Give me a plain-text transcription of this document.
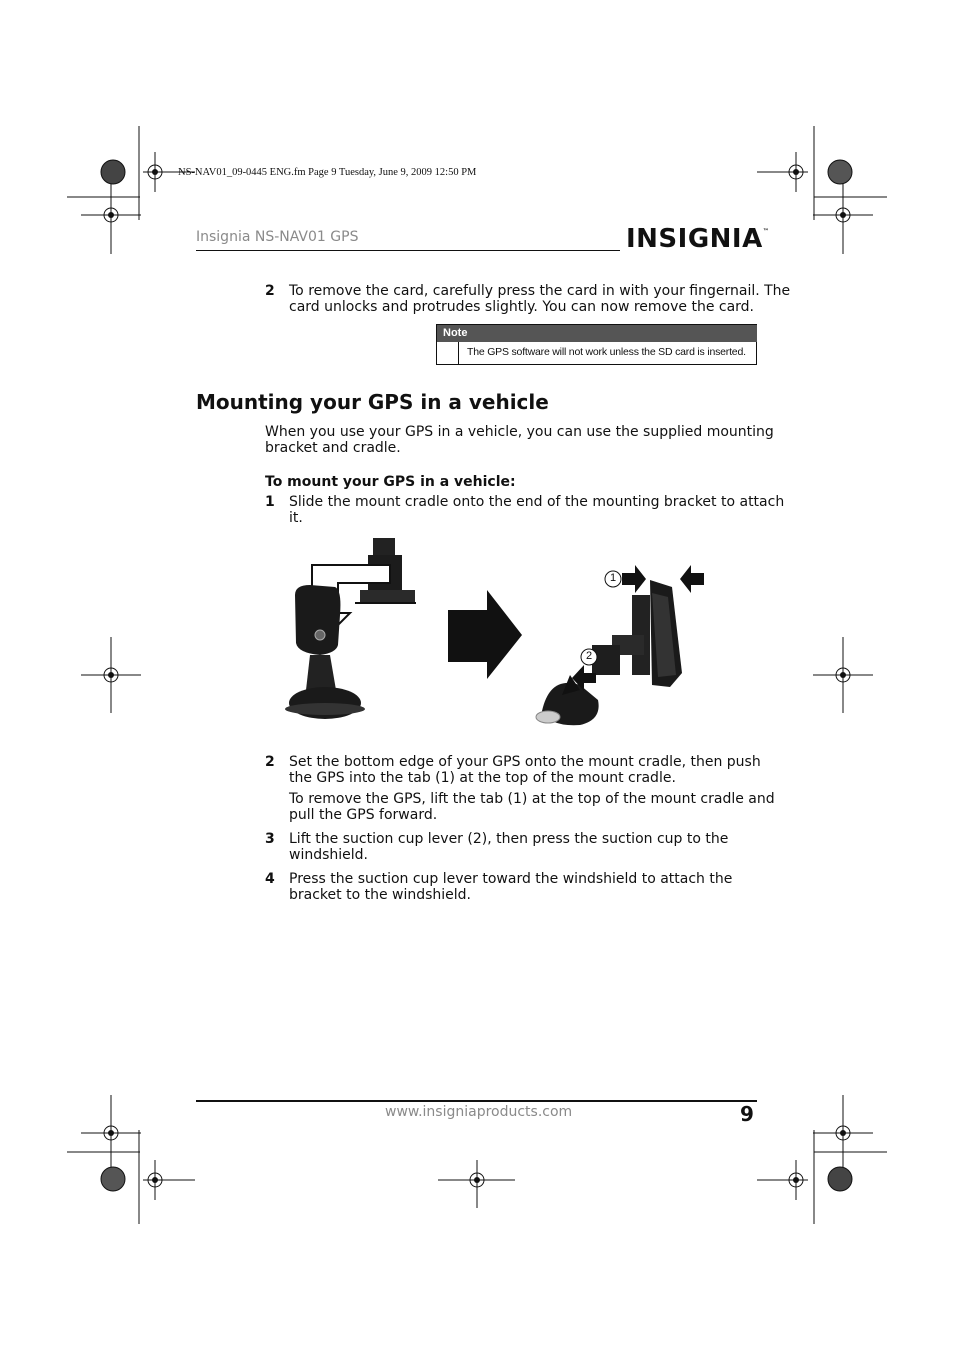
NS-NAV01_09-0445 ENG.fm Page 9 Tuesday, June 9, 2009 12:50 PM
Insignia NS-NAV01 GPS	INSIGNIA™
2 To remove the card, carefully press the card in with your fingernail. The
card unlocks and protrudes slightly. You can now remove the card.
Note
The GPS software will not work unless the SD card is inserted.
Mounting your GPS in a vehicle
When you use your GPS in a vehicle, you can use the supplied mounting
bracket and cradle.
To mount your GPS in a vehicle:
1 Slide the mount cradle onto the end of the mounting bracket to attach
it.
1
2
2 Set the bottom edge of your GPS onto the mount cradle, then push
the GPS into the tab (1) at the top of the mount cradle.
To remove the GPS, lift the tab (1) at the top of the mount cradle and
pull the GPS forward.
3 Lift the suction cup lever (2), then press the suction cup to the
windshield.
4 Press the suction cup lever toward the windshield to attach the
bracket to the windshield.
www.insigniaproducts.com	9
